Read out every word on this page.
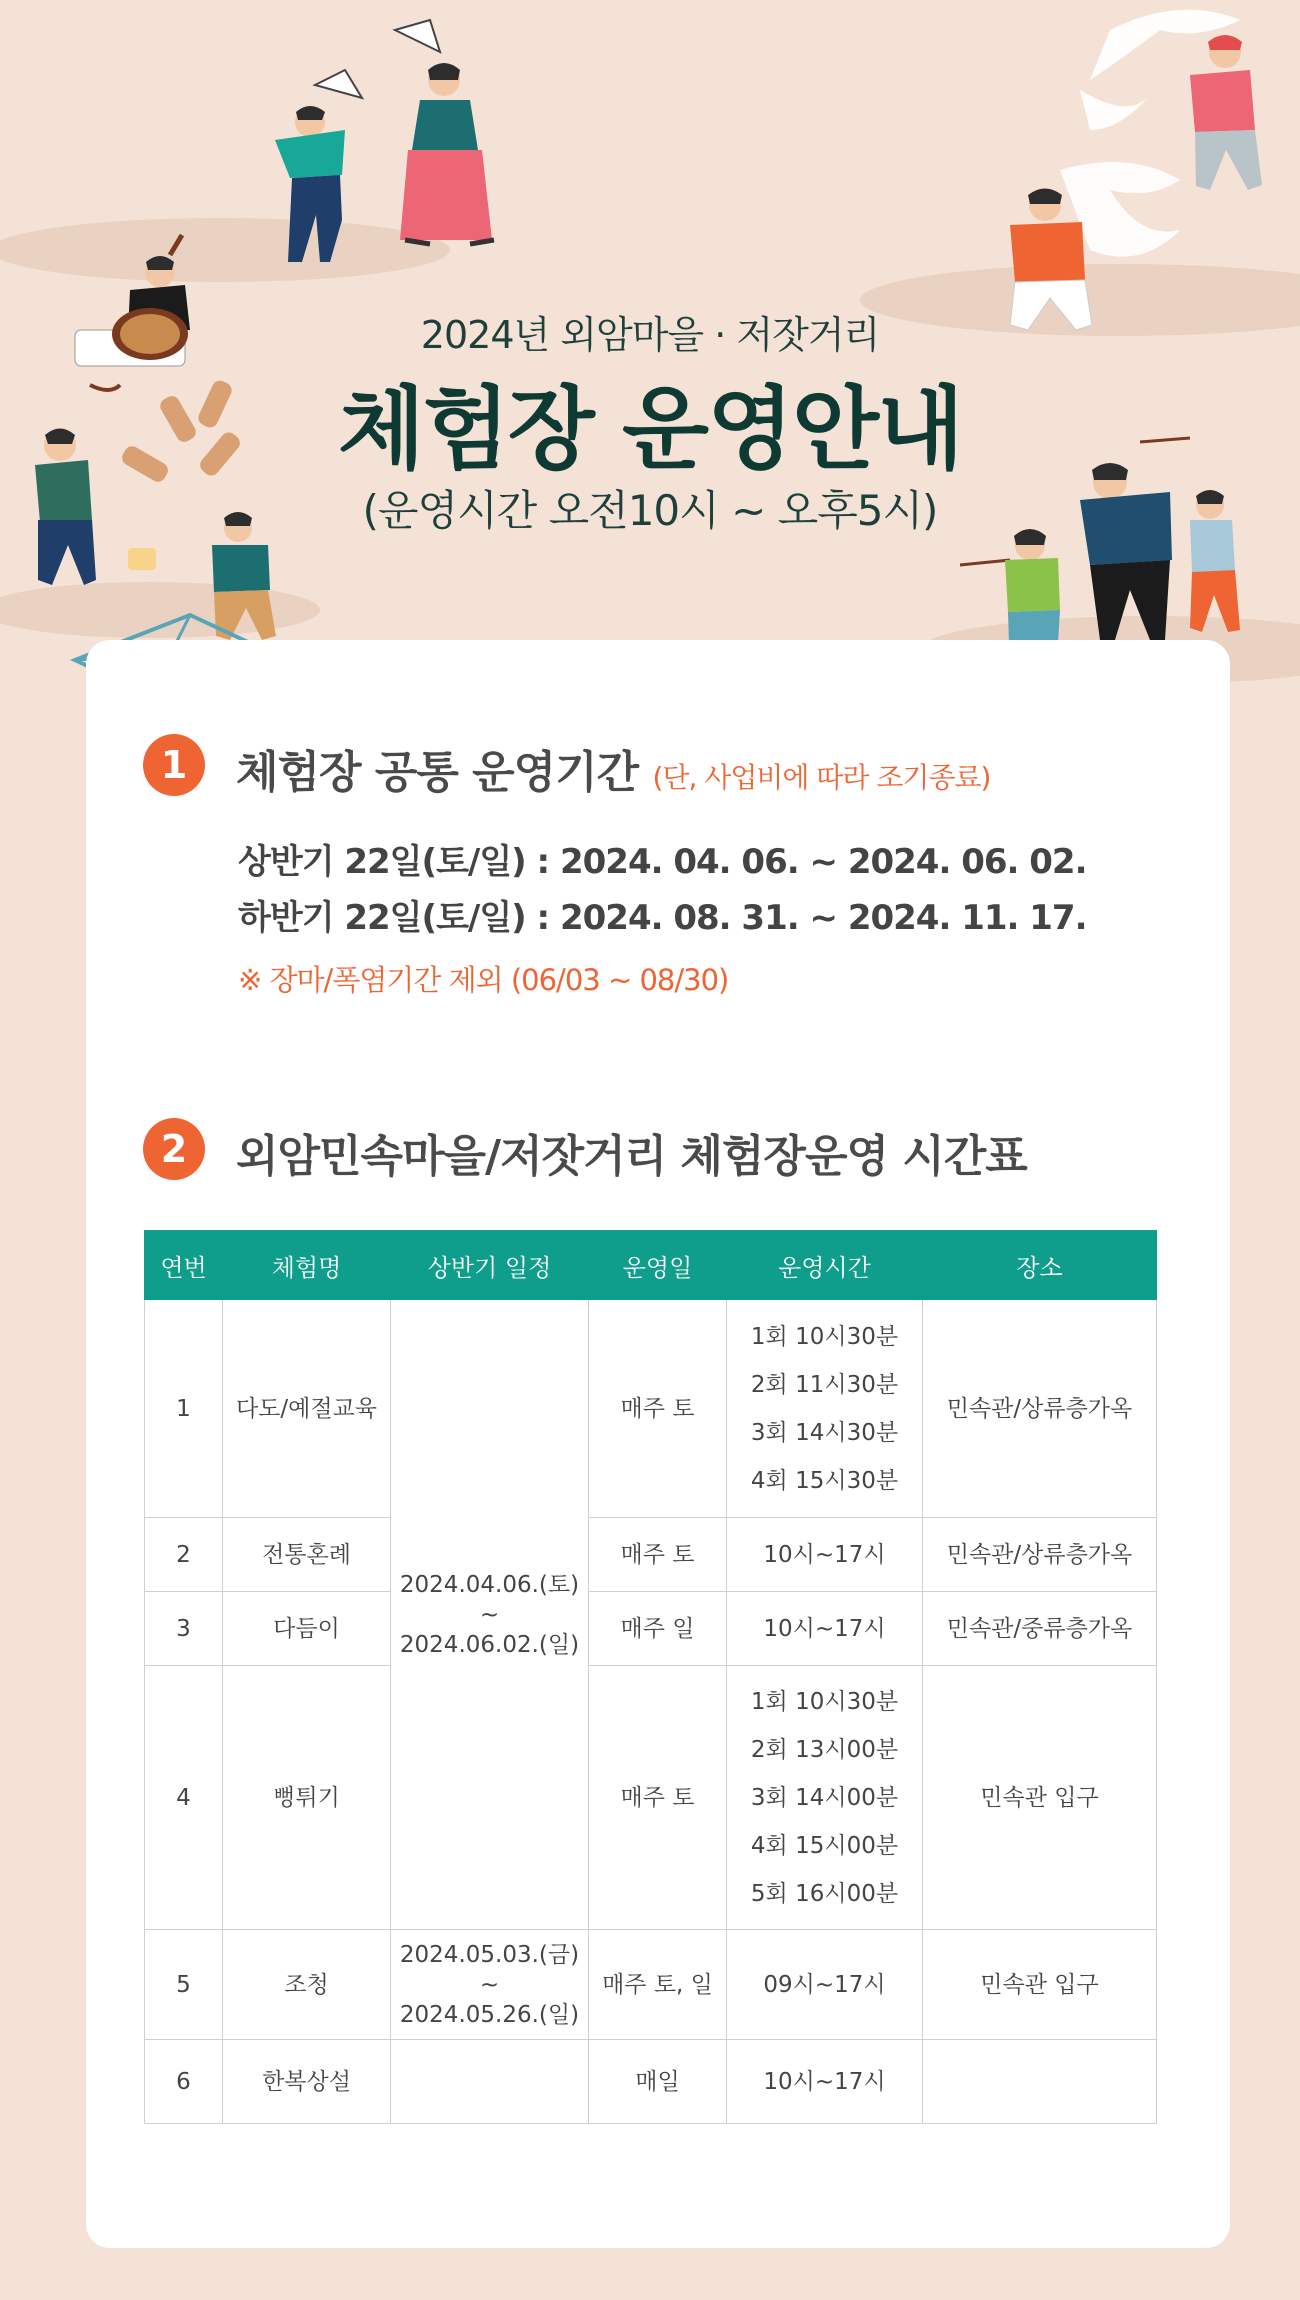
2024년 외암마을 · 저잣거리
체험장 운영안내
(운영시간 오전10시 ~ 오후5시)
1	체험장 공통 운영기간 (단, 사업비에 따라 조기종료)
상반기 22일(토/일) : 2024. 04. 06. ~ 2024. 06. 02.
하반기 22일(토/일) : 2024. 08. 31. ~ 2024. 11. 17.
※ 장마/폭염기간 제외 (06/03 ~ 08/30)
2	외암민속마을/저잣거리 체험장운영 시간표
연번	체험명	상반기 일정	운영일	운영시간	장소
1	다도/예절교육	2024.04.06.(토)
~
2024.06.02.(일)	매주 토	1회 10시30분
2회 11시30분
3회 14시30분
4회 15시30분	민속관/상류층가옥
2	전통혼례		매주 토	10시~17시	민속관/상류층가옥
3	다듬이		매주 일	10시~17시	민속관/중류층가옥
4	뻥튀기		매주 토	1회 10시30분
2회 13시00분
3회 14시00분
4회 15시00분
5회 16시00분	민속관 입구
5	조청	2024.05.03.(금)
~
2024.05.26.(일)	매주 토, 일	09시~17시	민속관 입구
6	한복상설		매일	10시~17시	
